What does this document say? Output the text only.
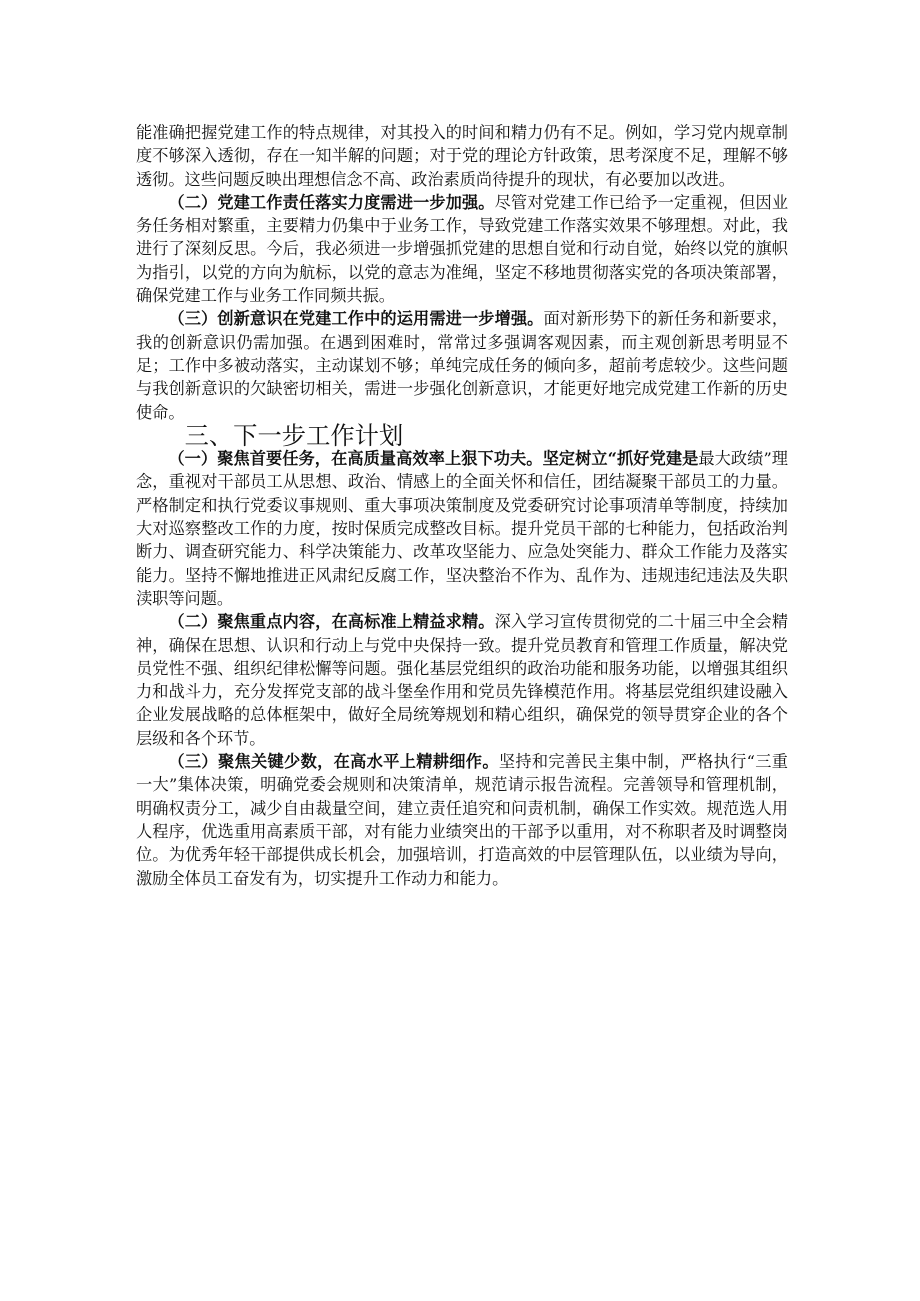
能准确把握党建工作的特点规律，对其投入的时间和精力仍有不足。例如，学习党内规章制度不够深入透彻，存在一知半解的问题；对于党的理论方针政策，思考深度不足，理解不够透彻。这些问题反映出理想信念不高、政治素质尚待提升的现状，有必要加以改进。

（二）党建工作责任落实力度需进一步加强。尽管对党建工作已给予一定重视，但因业务任务相对繁重，主要精力仍集中于业务工作，导致党建工作落实效果不够理想。对此，我进行了深刻反思。今后，我必须进一步增强抓党建的思想自觉和行动自觉，始终以党的旗帜为指引，以党的方向为航标，以党的意志为准绳，坚定不移地贯彻落实党的各项决策部署，确保党建工作与业务工作同频共振。

（三）创新意识在党建工作中的运用需进一步增强。面对新形势下的新任务和新要求，我的创新意识仍需加强。在遇到困难时，常常过多强调客观因素，而主观创新思考明显不足；工作中多被动落实，主动谋划不够；单纯完成任务的倾向多，超前考虑较少。这些问题与我创新意识的欠缺密切相关，需进一步强化创新意识，才能更好地完成党建工作新的历史使命。

三、下一步工作计划

（一）聚焦首要任务，在高质量高效率上狠下功夫。坚定树立“抓好党建是最大政绩”理念，重视对干部员工从思想、政治、情感上的全面关怀和信任，团结凝聚干部员工的力量。严格制定和执行党委议事规则、重大事项决策制度及党委研究讨论事项清单等制度，持续加大对巡察整改工作的力度，按时保质完成整改目标。提升党员干部的七种能力，包括政治判断力、调查研究能力、科学决策能力、改革攻坚能力、应急处突能力、群众工作能力及落实能力。坚持不懈地推进正风肃纪反腐工作，坚决整治不作为、乱作为、违规违纪违法及失职渎职等问题。

（二）聚焦重点内容，在高标准上精益求精。深入学习宣传贯彻党的二十届三中全会精神，确保在思想、认识和行动上与党中央保持一致。提升党员教育和管理工作质量，解决党员党性不强、组织纪律松懈等问题。强化基层党组织的政治功能和服务功能，以增强其组织力和战斗力，充分发挥党支部的战斗堡垒作用和党员先锋模范作用。将基层党组织建设融入企业发展战略的总体框架中，做好全局统筹规划和精心组织，确保党的领导贯穿企业的各个层级和各个环节。

（三）聚焦关键少数，在高水平上精耕细作。坚持和完善民主集中制，严格执行“三重一大”集体决策，明确党委会规则和决策清单，规范请示报告流程。完善领导和管理机制，明确权责分工，减少自由裁量空间，建立责任追究和问责机制，确保工作实效。规范选人用人程序，优选重用高素质干部，对有能力业绩突出的干部予以重用，对不称职者及时调整岗位。为优秀年轻干部提供成长机会，加强培训，打造高效的中层管理队伍，以业绩为导向，激励全体员工奋发有为，切实提升工作动力和能力。
